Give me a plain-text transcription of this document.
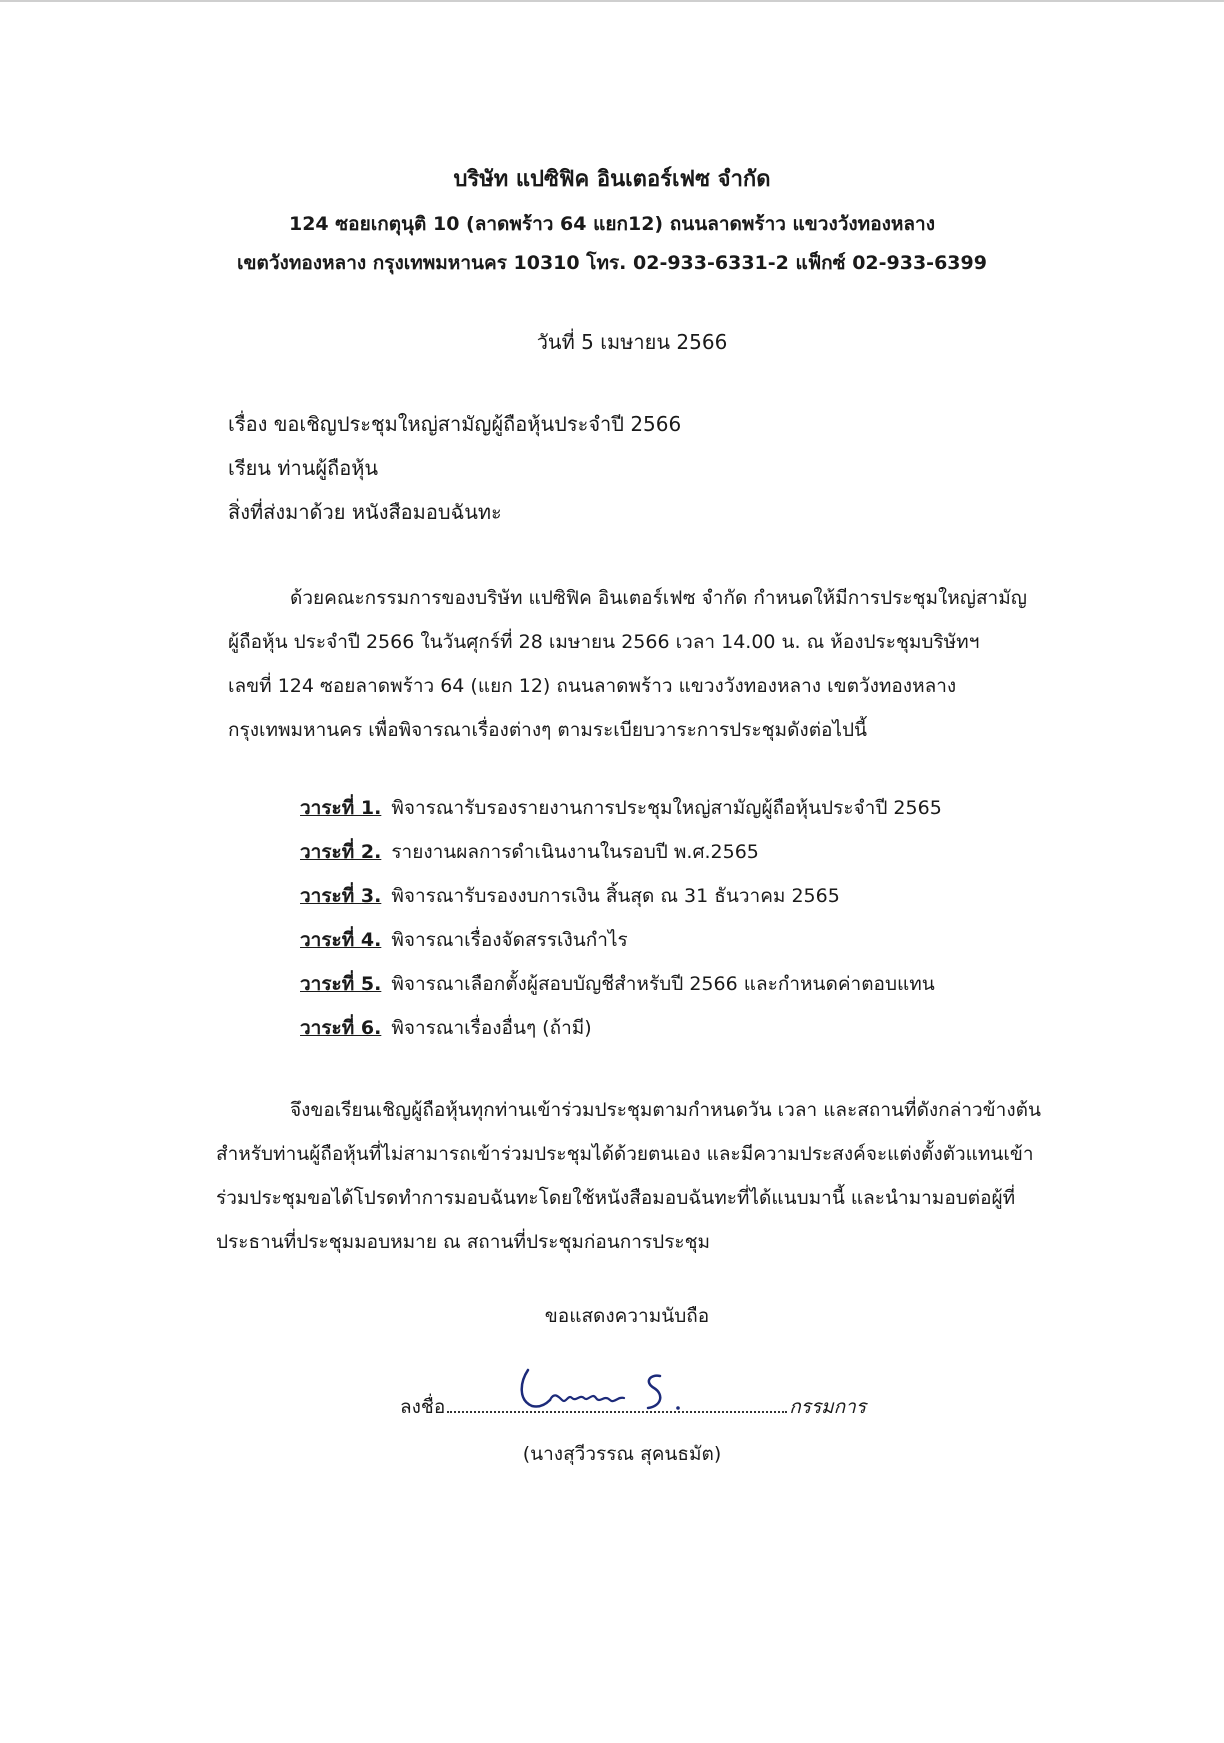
บริษัท แปซิฟิค อินเตอร์เฟซ จำกัด
124 ซอยเกตุนุติ 10 (ลาดพร้าว 64 แยก12) ถนนลาดพร้าว แขวงวังทองหลาง
เขตวังทองหลาง กรุงเทพมหานคร 10310 โทร. 02-933-6331-2 แฟ็กซ์ 02-933-6399
วันที่ 5 เมษายน 2566
เรื่อง ขอเชิญประชุมใหญ่สามัญผู้ถือหุ้นประจำปี 2566
เรียน ท่านผู้ถือหุ้น
สิ่งที่ส่งมาด้วย หนังสือมอบฉันทะ
ด้วยคณะกรรมการของบริษัท แปซิฟิค อินเตอร์เฟซ จำกัด กำหนดให้มีการประชุมใหญ่สามัญ
ผู้ถือหุ้น ประจำปี 2566 ในวันศุกร์ที่ 28 เมษายน 2566 เวลา 14.00 น. ณ ห้องประชุมบริษัทฯ
เลขที่ 124 ซอยลาดพร้าว 64 (แยก 12) ถนนลาดพร้าว แขวงวังทองหลาง เขตวังทองหลาง
กรุงเทพมหานคร เพื่อพิจารณาเรื่องต่างๆ ตามระเบียบวาระการประชุมดังต่อไปนี้
วาระที่ 1. พิจารณารับรองรายงานการประชุมใหญ่สามัญผู้ถือหุ้นประจำปี 2565
วาระที่ 2. รายงานผลการดำเนินงานในรอบปี พ.ศ.2565
วาระที่ 3. พิจารณารับรองงบการเงิน สิ้นสุด ณ 31 ธันวาคม 2565
วาระที่ 4. พิจารณาเรื่องจัดสรรเงินกำไร
วาระที่ 5. พิจารณาเลือกตั้งผู้สอบบัญชีสำหรับปี 2566 และกำหนดค่าตอบแทน
วาระที่ 6. พิจารณาเรื่องอื่นๆ (ถ้ามี)
จึงขอเรียนเชิญผู้ถือหุ้นทุกท่านเข้าร่วมประชุมตามกำหนดวัน เวลา และสถานที่ดังกล่าวข้างต้น
สำหรับท่านผู้ถือหุ้นที่ไม่สามารถเข้าร่วมประชุมได้ด้วยตนเอง และมีความประสงค์จะแต่งตั้งตัวแทนเข้า
ร่วมประชุมขอได้โปรดทำการมอบฉันทะโดยใช้หนังสือมอบฉันทะที่ได้แนบมานี้ และนำมามอบต่อผู้ที่
ประธานที่ประชุมมอบหมาย ณ สถานที่ประชุมก่อนการประชุม
ขอแสดงความนับถือ
ลงชื่อ	กรรมการ
(นางสุวีวรรณ สุคนธมัต)
